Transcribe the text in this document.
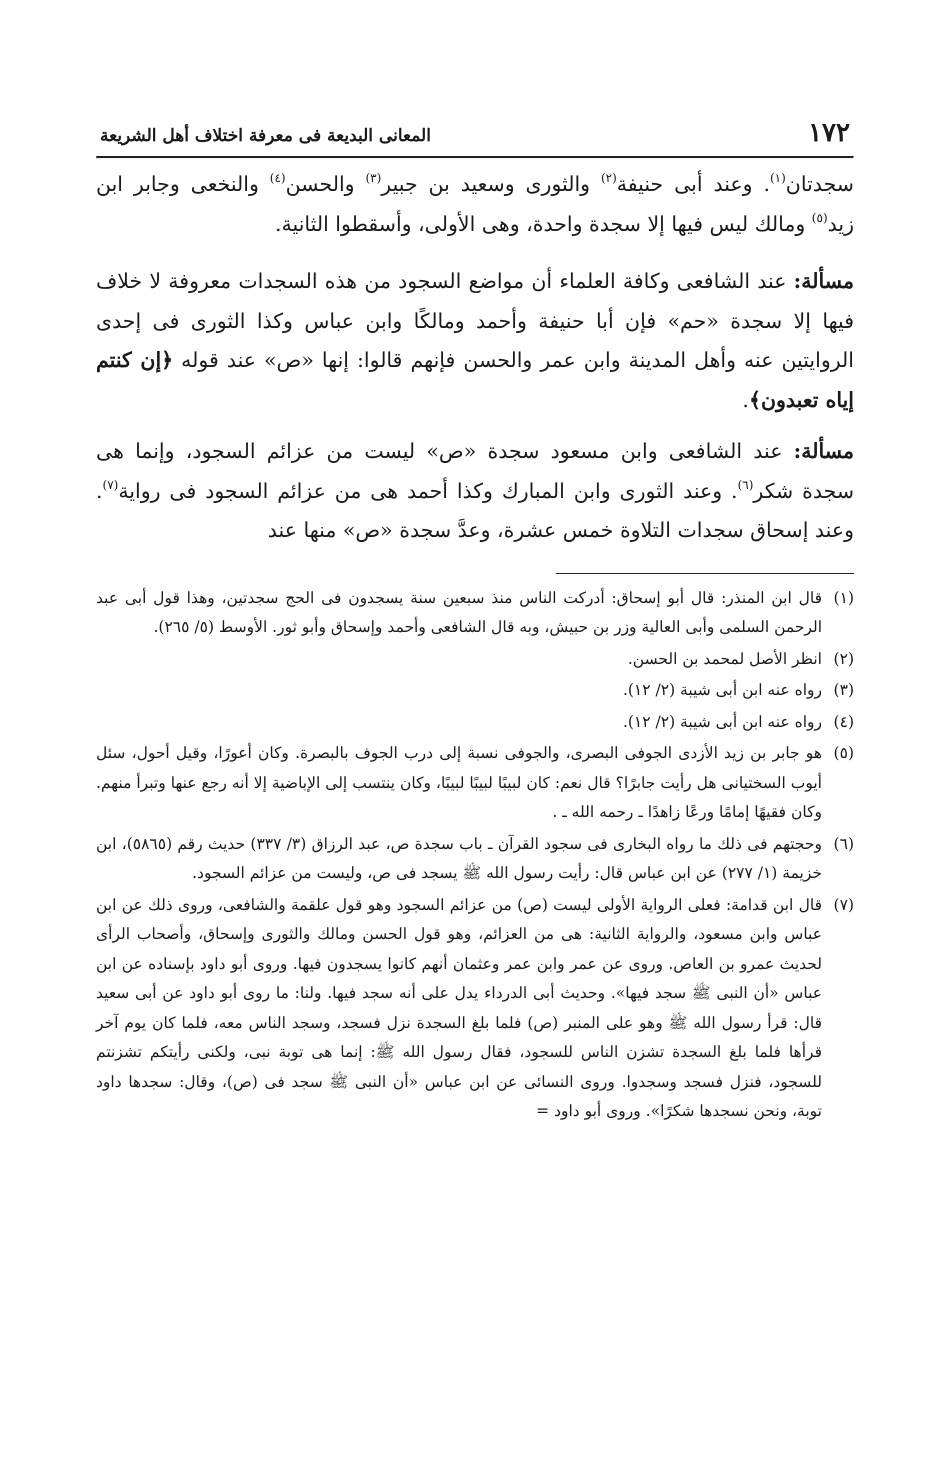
١٧٢
المعانى البديعة فى معرفة اختلاف أهل الشريعة

سجدتان$^{(١)}$. وعند أبى حنيفة$^{(٢)}$ والثورى وسعيد بن جبير$^{(٣)}$ والحسن$^{(٤)}$ والنخعى وجابر ابن زيد$^{(٥)}$ ومالك ليس فيها إلا سجدة واحدة، وهى الأولى، وأسقطوا الثانية.

مسألة: عند الشافعى وكافة العلماء أن مواضع السجود من هذه السجدات معروفة لا خلاف فيها إلا سجدة «حم» فإن أبا حنيفة وأحمد ومالكًا وابن عباس وكذا الثورى فى إحدى الروايتين عنه وأهل المدينة وابن عمر والحسن فإنهم قالوا: إنها «ص» عند قوله ﴿إن كنتم إياه تعبدون﴾.

مسألة: عند الشافعى وابن مسعود سجدة «ص» ليست من عزائم السجود، وإنما هى سجدة شكر$^{(٦)}$. وعند الثورى وابن المبارك وكذا أحمد هى من عزائم السجود فى رواية$^{(٧)}$. وعند إسحاق سجدات التلاوة خمس عشرة، وعدَّ سجدة «ص» منها عند

(١)
قال ابن المنذر: قال أبو إسحاق: أدركت الناس منذ سبعين سنة يسجدون فى الحج سجدتين، وهذا قول أبى عبد الرحمن السلمى وأبى العالية وزر بن حبيش، وبه قال الشافعى وأحمد وإسحاق وأبو ثور. الأوسط (٥/ ٢٦٥).
(٢)
انظر الأصل لمحمد بن الحسن.
(٣)
رواه عنه ابن أبى شيبة (٢/ ١٢).
(٤)
رواه عنه ابن أبى شيبة (٢/ ١٢).
(٥)
هو جابر بن زيد الأزدى الجوفى البصرى، والجوفى نسبة إلى درب الجوف بالبصرة. وكان أعورًا، وقيل أحول، سئل أيوب السختيانى هل رأيت جابرًا؟ قال نعم: كان لبيبًا لبيبًا لبيبًا، وكان ينتسب إلى الإباضية إلا أنه رجع عنها وتبرأ منهم. وكان فقيهًا إمامًا ورعًا زاهدًا ـ رحمه الله ـ .
(٦)
وحجتهم فى ذلك ما رواه البخارى فى سجود القرآن ـ باب سجدة ص، عبد الرزاق (٣/ ٣٣٧) حديث رقم (٥٨٦٥)، ابن خزيمة (١/ ٢٧٧) عن ابن عباس قال: رأيت رسول الله ﷺ يسجد فى ص، وليست من عزائم السجود.
(٧)
قال ابن قدامة: فعلى الرواية الأولى ليست (ص) من عزائم السجود وهو قول علقمة والشافعى، وروى ذلك عن ابن عباس وابن مسعود، والرواية الثانية: هى من العزائم، وهو قول الحسن ومالك والثورى وإسحاق، وأصحاب الرأى لحديث عمرو بن العاص. وروى عن عمر وابن عمر وعثمان أنهم كانوا يسجدون فيها. وروى أبو داود بإسناده عن ابن عباس «أن النبى ﷺ سجد فيها». وحديث أبى الدرداء يدل على أنه سجد فيها. ولنا: ما روى أبو داود عن أبى سعيد قال: قرأ رسول الله ﷺ وهو على المنبر (ص) فلما بلغ السجدة نزل فسجد، وسجد الناس معه، فلما كان يوم آخر قرأها فلما بلغ السجدة تشزن الناس للسجود، فقال رسول الله ﷺ: إنما هى توبة نبى، ولكنى رأيتكم تشزنتم للسجود، فنزل فسجد وسجدوا. وروى النسائى عن ابن عباس «أن النبى ﷺ سجد فى (ص)، وقال: سجدها داود توبة، ونحن نسجدها شكرًا». وروى أبو داود =
